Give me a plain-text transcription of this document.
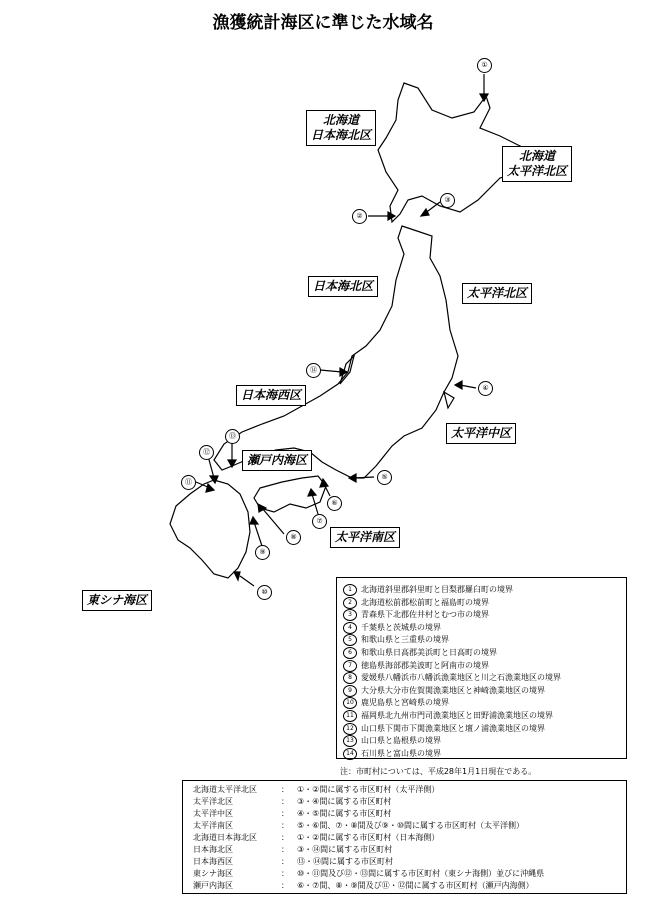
漁獲統計海区に準じた水域名
①
②
③
④
⑤
⑥
⑦
⑧
⑨
⑩
⑪
⑫
⑬
⑭
北海道
日本海北区
北海道
太平洋北区
日本海北区	太平洋北区
日本海西区
太平洋中区
瀬戸内海区
太平洋南区
東シナ海区
1	北海道斜里郡斜里町と目梨郡羅臼町の境界
2	北海道松前郡松前町と福島町の境界
3	青森県下北郡佐井村とむつ市の境界
4	千葉県と茨城県の境界
5	和歌山県と三重県の境界
6	和歌山県日高郡美浜町と日高町の境界
7	徳島県海部郡美波町と阿南市の境界
8	愛媛県八幡浜市八幡浜漁業地区と川之石漁業地区の境界
9	大分県大分市佐賀関漁業地区と神崎漁業地区の境界
10 鹿児島県と宮崎県の境界
11 福岡県北九州市門司漁業地区と田野浦漁業地区の境界
12 山口県下関市下関漁業地区と壇ノ浦漁業地区の境界
13 山口県と島根県の境界
14 石川県と富山県の境界
注：市町村については、平成28年1月1日現在である。
北海道太平洋北区	：	①・②間に属する市区町村（太平洋側）
太平洋北区	：	③・④間に属する市区町村
太平洋中区	：	④・⑤間に属する市区町村
太平洋南区	：	⑤・⑥間、⑦・⑧間及び⑨・⑩間に属する市区町村（太平洋側）
北海道日本海北区	：	①・②間に属する市区町村（日本海側）
日本海北区	：	③・⑭間に属する市区町村
日本海西区	：	⑬・⑭間に属する市区町村
東シナ海区	：	⑩・⑪間及び⑫・⑬間に属する市区町村（東シナ海側）並びに沖縄県
瀬戸内海区	：	⑥・⑦間、⑧・⑨間及び⑪・⑫間に属する市区町村（瀬戸内海側）
